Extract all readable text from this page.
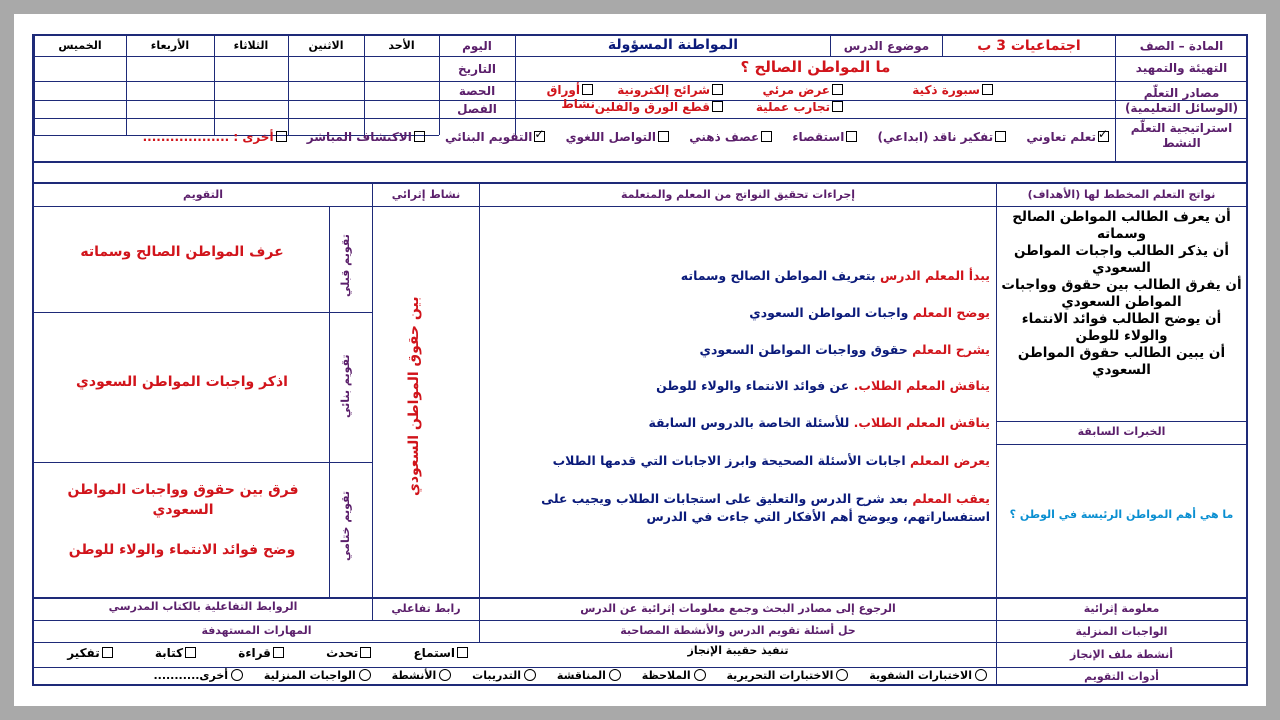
المادة – الصف
اجتماعيات 3 ب
موضوع الدرس
المواطنة المسؤولة
اليوم
التاريخ
الحصة
الفصل
الأحد
الاثنين
الثلاثاء
الأربعاء
الخميس
التهيئة والتمهيد
ما المواطن الصالح ؟
مصادر التعلّم (الوسائل التعليمية)
سبورة ذكية
عرض مرئي
شرائح إلكترونية
أوراق نشاط	تجارب عملية
قطع الورق والفلين
استراتيجية التعلّم النشط
✓تعلم تعاوني تفكير ناقد (ابداعي) استقصاء عصف ذهني التواصل اللغوي ✓التقويم البنائي الاكتشاف المباشر أخرى : ...................
نواتج التعلم المخطط لها (الأهداف)
إجراءات تحقيق النواتج من المعلم والمتعلمة
نشاط إثرائي
التقويم
أن يعرف الطالب المواطن الصالح وسماته
أن يذكر الطالب واجبات المواطن السعودي
أن يفرق الطالب بين حقوق وواجبات المواطن السعودي
أن يوضح الطالب فوائد الانتماء والولاء للوطن
أن يبين الطالب حقوق المواطن السعودي
الخبرات السابقة
ما هي أهم المواطن الرئيسة في الوطن ؟
يبدأ المعلم الدرس بتعريف المواطن الصالح وسماته
يوضح المعلم واجبات المواطن السعودي
يشرح المعلم حقوق وواجبات المواطن السعودي
يناقش المعلم الطلاب. عن فوائد الانتماء والولاء للوطن
يناقش المعلم الطلاب. للأسئلة الخاصة بالدروس السابقة
يعرض المعلم اجابات الأسئلة الصحيحة وابرز الاجابات التي قدمها الطلاب
يعقب المعلم بعد شرح الدرس والتعليق على استجابات الطلاب ويجيب على استفساراتهم، ويوضح أهم الأفكار التي جاءت في الدرس
بين حقوق المواطن السعودي
تقويم قبلي
تقويم بنائي
تقويم ختامي
عرف المواطن الصالح وسماته
اذكر واجبات المواطن السعودي
فرق بين حقوق وواجبات المواطن السعودي
وضح فوائد الانتماء والولاء للوطن
معلومة إثرائية
الرجوع إلى مصادر البحث وجمع معلومات إثرائية عن الدرس
رابط تفاعلي
الروابط التفاعلية بالكتاب المدرسي
الواجبات المنزلية
حل أسئلة تقويم الدرس والأنشطة المصاحبة
المهارات المستهدفة
أنشطة ملف الإنجاز
تنفيذ حقيبة الإنجاز
استماع تحدث قراءة كتابة تفكير
أدوات التقويم
الاختبارات الشفوية الاختبارات التحريرية الملاحظة المناقشة التدريبات الأنشطة الواجبات المنزلية أخرى...........
